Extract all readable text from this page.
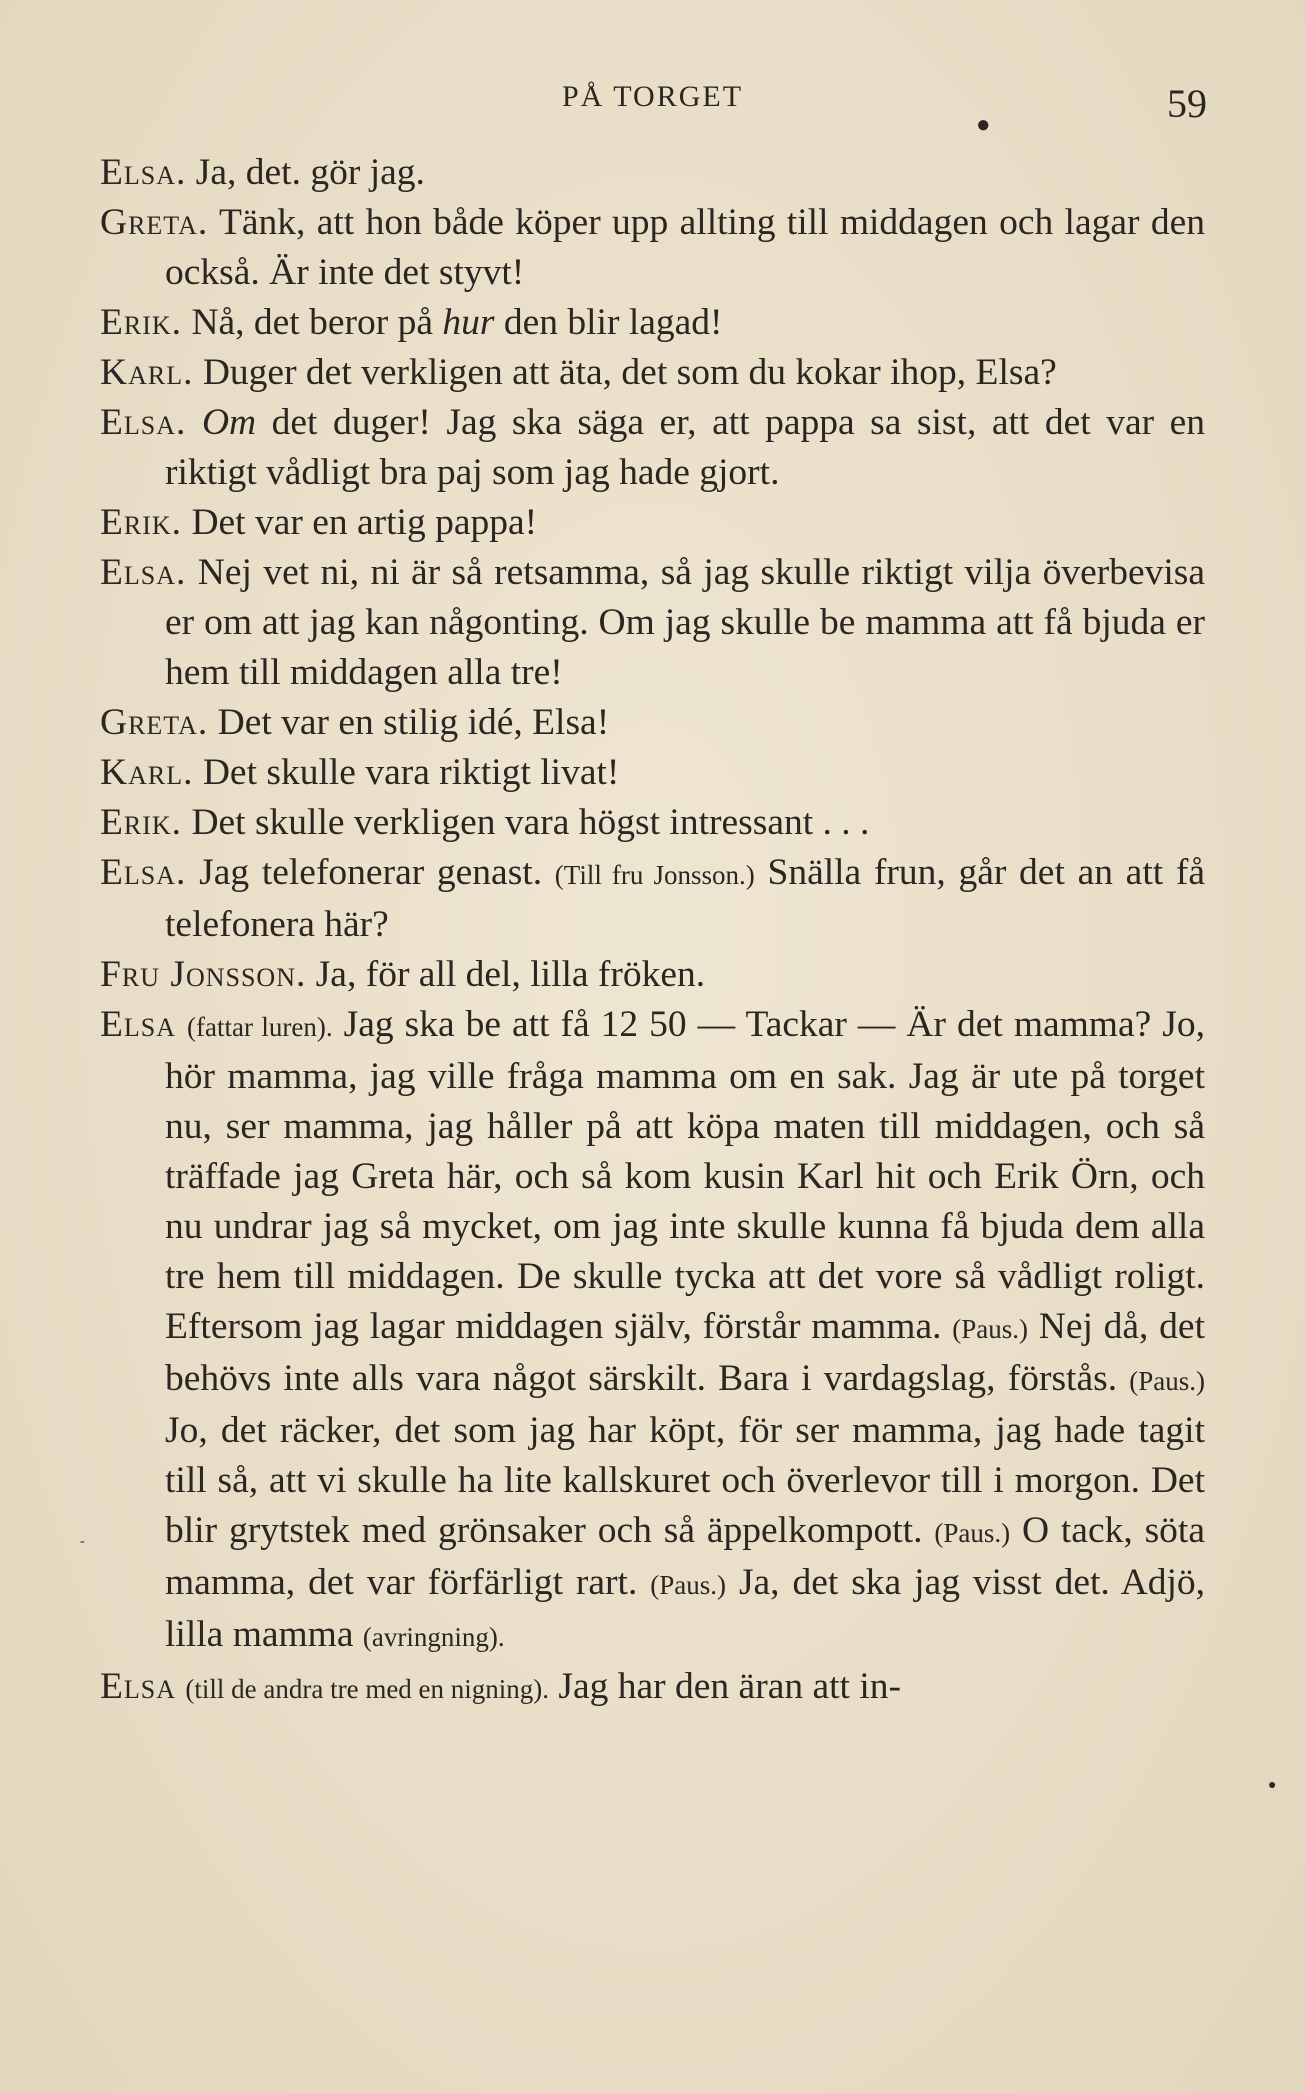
PÅ TORGET	59
●
●
-

Elsa. Ja, det. gör jag.

Greta. Tänk, att hon både köper upp allting till middagen och lagar den också. Är inte det styvt!

Erik. Nå, det beror på hur den blir lagad!

Karl. Duger det verkligen att äta, det som du kokar ihop, Elsa?

Elsa. Om det duger! Jag ska säga er, att pappa sa sist, att det var en riktigt vådligt bra paj som jag hade gjort.

Erik. Det var en artig pappa!

Elsa. Nej vet ni, ni är så retsamma, så jag skulle riktigt vilja överbevisa er om att jag kan någonting. Om jag skulle be mamma att få bjuda er hem till middagen alla tre!

Greta. Det var en stilig idé, Elsa!

Karl. Det skulle vara riktigt livat!

Erik. Det skulle verkligen vara högst intressant . . .

Elsa. Jag telefonerar genast. (Till fru Jonsson.) Snälla frun, går det an att få telefonera här?

Fru Jonsson. Ja, för all del, lilla fröken.

Elsa (fattar luren). Jag ska be att få 12 50 — Tackar — Är det mamma? Jo, hör mamma, jag ville fråga mamma om en sak. Jag är ute på torget nu, ser mamma, jag håller på att köpa maten till middagen, och så träffade jag Greta här, och så kom kusin Karl hit och Erik Örn, och nu undrar jag så mycket, om jag inte skulle kunna få bjuda dem alla tre hem till middagen. De skulle tycka att det vore så vådligt roligt. Eftersom jag lagar middagen själv, förstår mamma. (Paus.) Nej då, det behövs inte alls vara något särskilt. Bara i vardagslag, förstås. (Paus.) Jo, det räcker, det som jag har köpt, för ser mamma, jag hade tagit till så, att vi skulle ha lite kallskuret och överlevor till i morgon. Det blir grytstek med grönsaker och så äppelkompott. (Paus.) O tack, söta mamma, det var förfärligt rart. (Paus.) Ja, det ska jag visst det. Adjö, lilla mamma (avringning).

Elsa (till de andra tre med en nigning). Jag har den äran att in-
